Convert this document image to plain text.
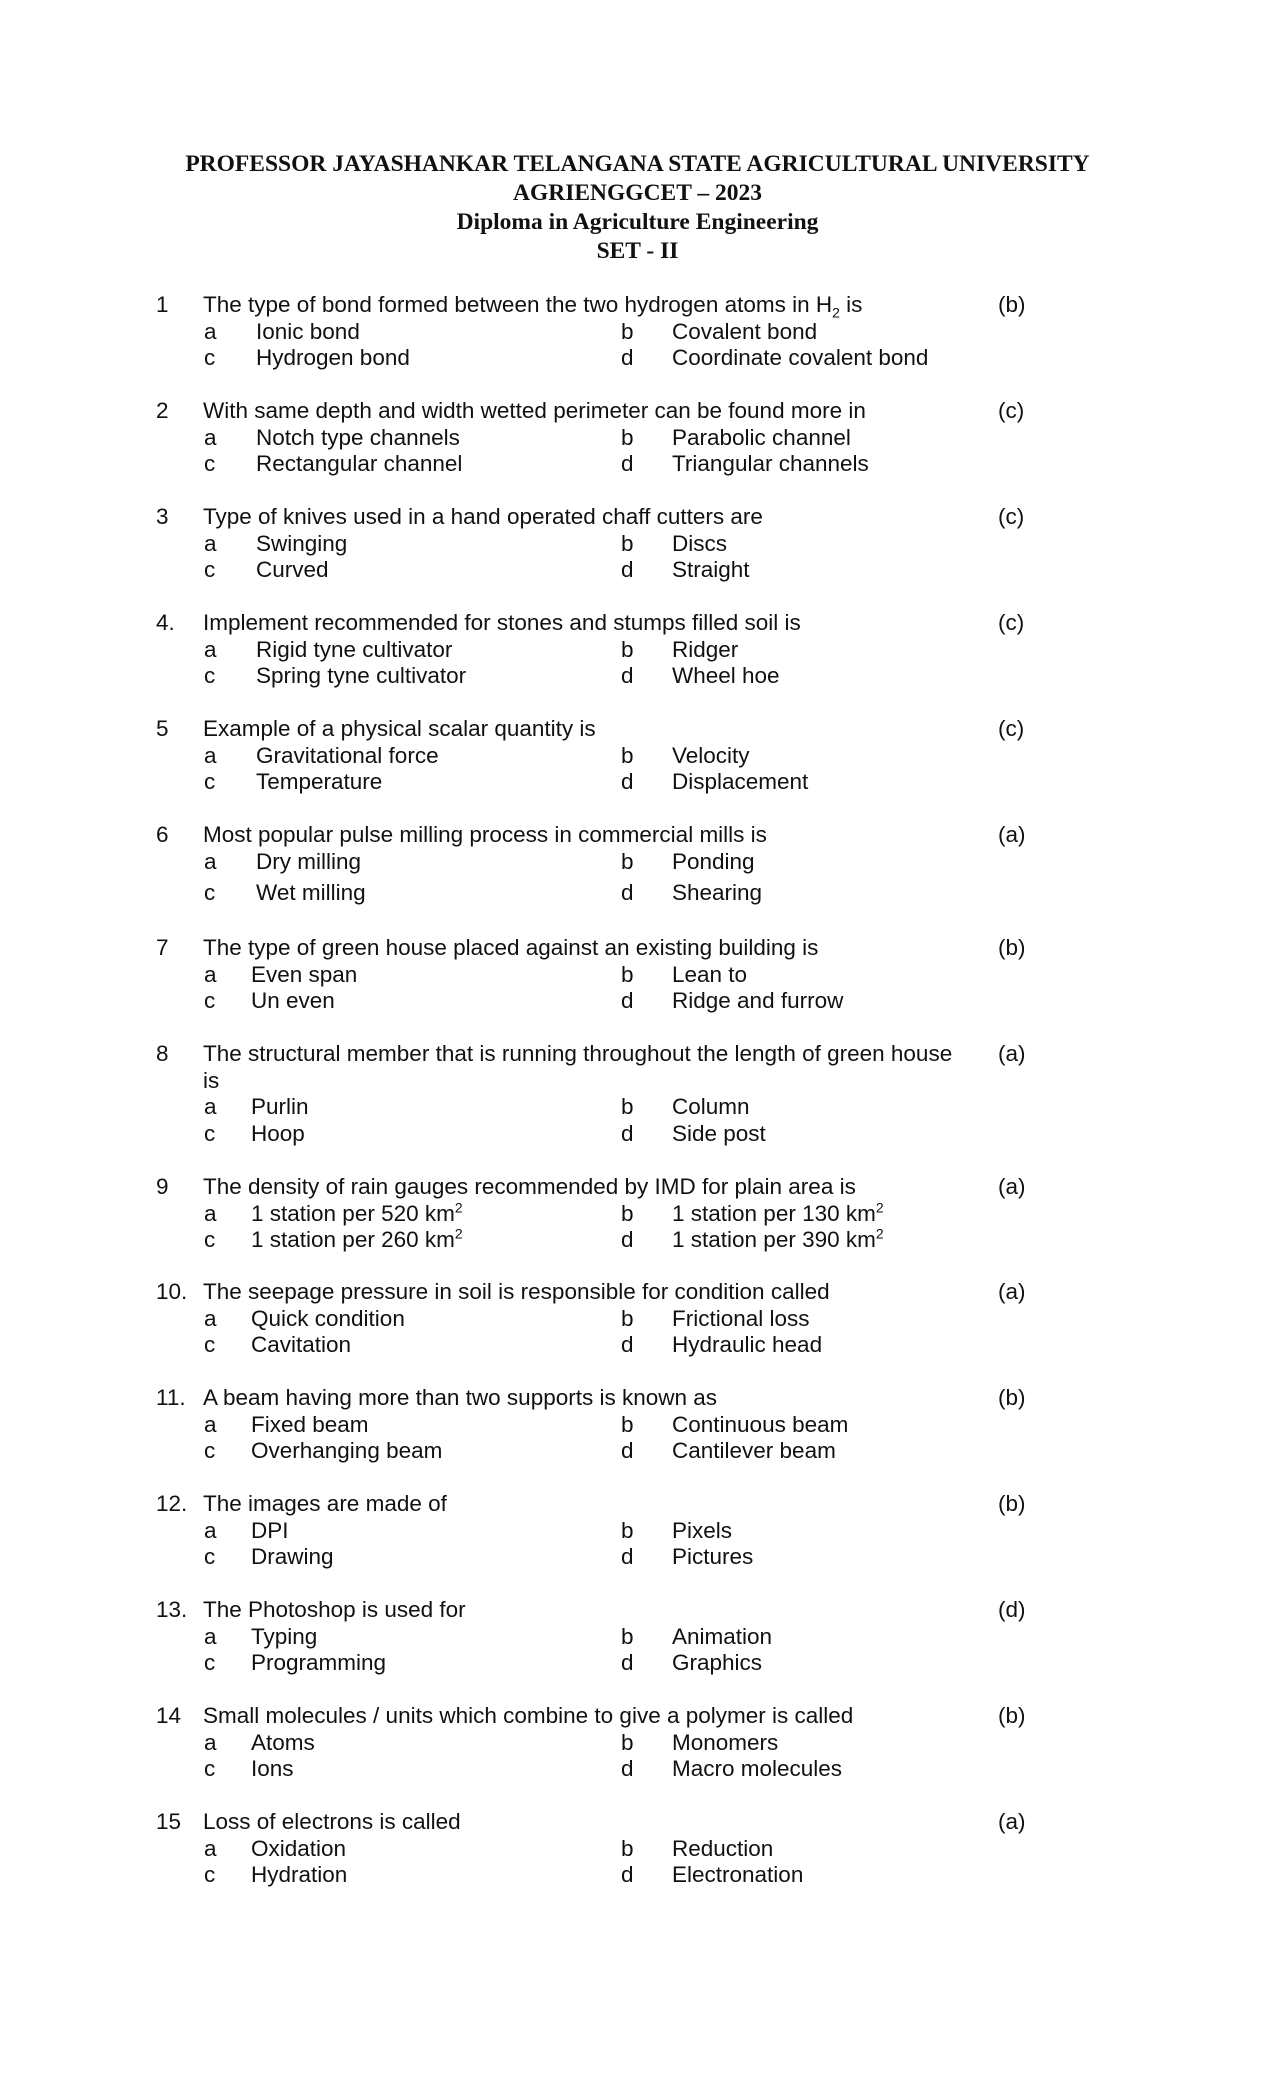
PROFESSOR JAYASHANKAR TELANGANA STATE AGRICULTURAL UNIVERSITY
AGRIENGGCET – 2023
Diploma in Agriculture Engineering
SET - II
1 The type of bond formed between the two hydrogen atoms in $H_2$ is	(b)
a Ionic bond	b Covalent bond
c Hydrogen bond	d Coordinate covalent bond
2 With same depth and width wetted perimeter can be found more in	(c)
a Notch type channels	b Parabolic channel
c Rectangular channel	d Triangular channels
3 Type of knives used in a hand operated chaff cutters are	(c)
a Swinging	b Discs
c Curved	d Straight
4. Implement recommended for stones and stumps filled soil is	(c)
a Rigid tyne cultivator	b Ridger
c Spring tyne cultivator	d Wheel hoe
5 Example of a physical scalar quantity is	(c)
a Gravitational force	b Velocity
c Temperature	d Displacement
6 Most popular pulse milling process in commercial mills is	(a)
a Dry milling	b Ponding
c Wet milling	d Shearing
7 The type of green house placed against an existing building is	(b)
a Even span	b Lean to
c Un even	d Ridge and furrow
8 The structural member that is running throughout the length of green house is
(a)
a Purlin	b Column
c Hoop	d Side post
9 The density of rain gauges recommended by IMD for plain area is	(a)
a 1 station per 520 $km^2$	b 1 station per 130 $km^2$
c 1 station per 260 $km^2$	d 1 station per 390 $km^2$
10. The seepage pressure in soil is responsible for condition called	(a)
a Quick condition	b Frictional loss
c Cavitation	d Hydraulic head
11. A beam having more than two supports is known as	(b)
a Fixed beam	b Continuous beam
c Overhanging beam	d Cantilever beam
12. The images are made of	(b)
a DPI	b Pixels
c Drawing	d Pictures
13. The Photoshop is used for	(d)
a Typing	b Animation
c Programming	d Graphics
14 Small molecules / units which combine to give a polymer is called	(b)
a Atoms	b Monomers
c Ions	d Macro molecules
15 Loss of electrons is called	(a)
a Oxidation	b Reduction
c Hydration	d Electronation
